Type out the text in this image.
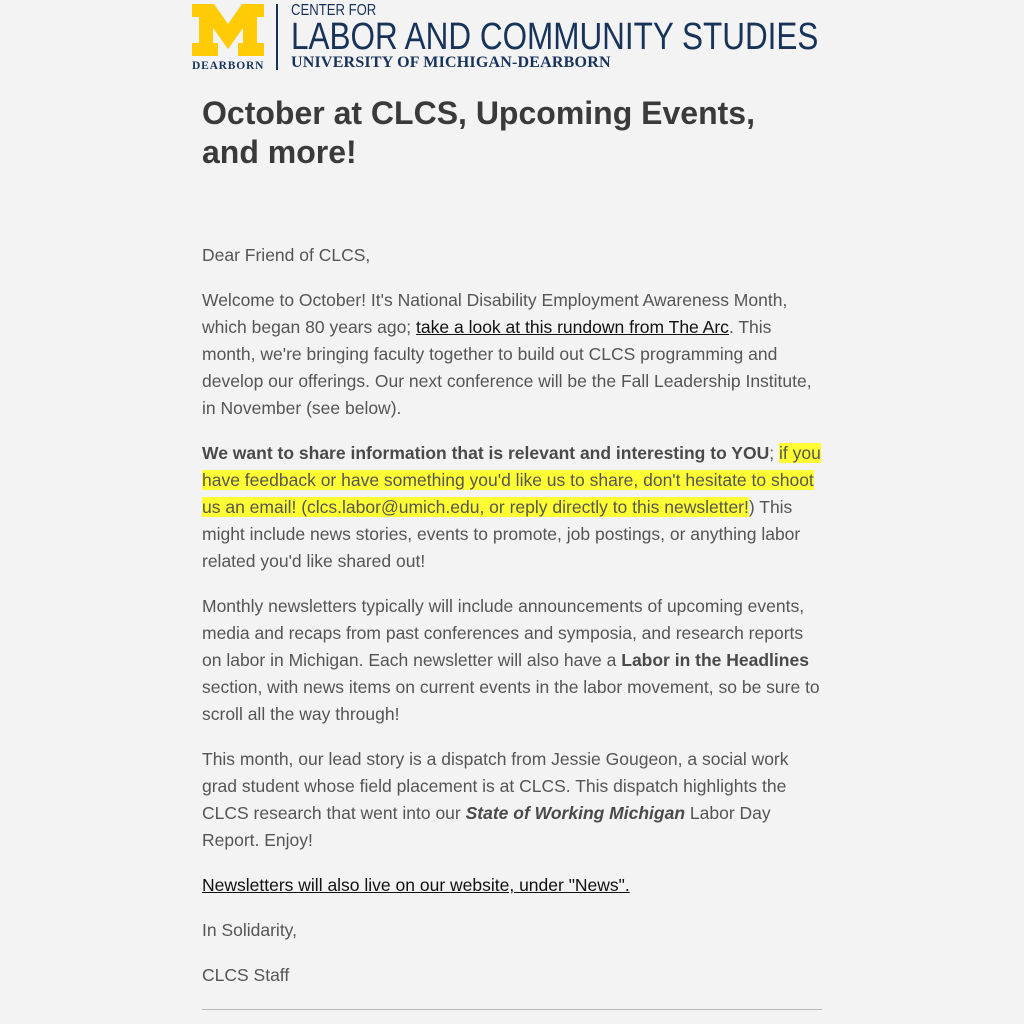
DEARBORN
CENTER FOR
LABOR AND COMMUNITY STUDIES
UNIVERSITY OF MICHIGAN-DEARBORN
October at CLCS, Upcoming Events, and more!

Dear Friend of CLCS,

Welcome to October! It's National Disability Employment Awareness Month, which began 80 years ago; take a look at this rundown from The Arc. This month, we're bringing faculty together to build out CLCS programming and develop our offerings. Our next conference will be the Fall Leadership Institute, in November (see below).

We want to share information that is relevant and interesting to YOU; if you have feedback or have something you'd like us to share, don't hesitate to shoot us an email! (clcs.labor@umich.edu, or reply directly to this newsletter!) This might include news stories, events to promote, job postings, or anything labor related you'd like shared out!

Monthly newsletters typically will include announcements of upcoming events, media and recaps from past conferences and symposia, and research reports on labor in Michigan. Each newsletter will also have a Labor in the Headlines section, with news items on current events in the labor movement, so be sure to scroll all the way through!

This month, our lead story is a dispatch from Jessie Gougeon, a social work grad student whose field placement is at CLCS. This dispatch highlights the CLCS research that went into our State of Working Michigan Labor Day Report. Enjoy!

Newsletters will also live on our website, under "News".

In Solidarity,

CLCS Staff
